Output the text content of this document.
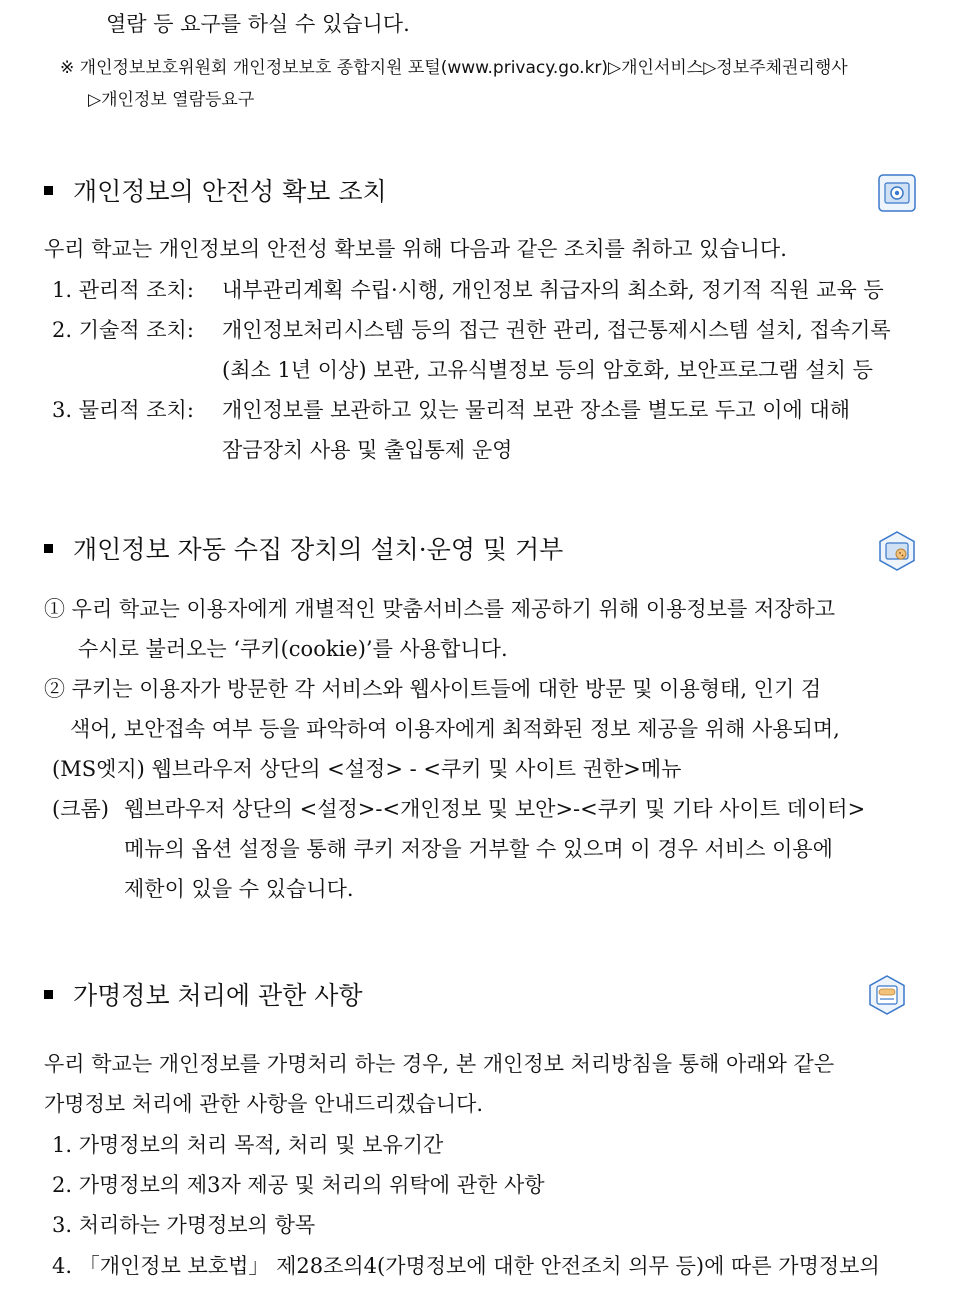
열람 등 요구를 하실 수 있습니다.
※ 개인정보보호위원회 개인정보보호 종합지원 포털(www.privacy.go.kr)▷개인서비스▷정보주체권리행사
▷개인정보 열람등요구
개인정보의 안전성 확보 조치
우리 학교는 개인정보의 안전성 확보를 위해 다음과 같은 조치를 취하고 있습니다.
1. 관리적 조치: 내부관리계획 수립·시행, 개인정보 취급자의 최소화, 정기적 직원 교육 등
2. 기술적 조치: 개인정보처리시스템 등의 접근 권한 관리, 접근통제시스템 설치, 접속기록
(최소 1년 이상) 보관, 고유식별정보 등의 암호화, 보안프로그램 설치 등
3. 물리적 조치: 개인정보를 보관하고 있는 물리적 보관 장소를 별도로 두고 이에 대해
잠금장치 사용 및 출입통제 운영
개인정보 자동 수집 장치의 설치·운영 및 거부
① 우리 학교는 이용자에게 개별적인 맞춤서비스를 제공하기 위해 이용정보를 저장하고
수시로 불러오는 ‘쿠키(cookie)’를 사용합니다.
② 쿠키는 이용자가 방문한 각 서비스와 웹사이트들에 대한 방문 및 이용형태, 인기 검
색어, 보안접속 여부 등을 파악하여 이용자에게 최적화된 정보 제공을 위해 사용되며,
(MS엣지) 웹브라우저 상단의 <설정> - <쿠키 및 사이트 권한>메뉴
(크롬) 웹브라우저 상단의 <설정>-<개인정보 및 보안>-<쿠키 및 기타 사이트 데이터>
메뉴의 옵션 설정을 통해 쿠키 저장을 거부할 수 있으며 이 경우 서비스 이용에
제한이 있을 수 있습니다.
가명정보 처리에 관한 사항
우리 학교는 개인정보를 가명처리 하는 경우, 본 개인정보 처리방침을 통해 아래와 같은
가명정보 처리에 관한 사항을 안내드리겠습니다.
1. 가명정보의 처리 목적, 처리 및 보유기간
2. 가명정보의 제3자 제공 및 처리의 위탁에 관한 사항
3. 처리하는 가명정보의 항목
4. 「개인정보 보호법」 제28조의4(가명정보에 대한 안전조치 의무 등)에 따른 가명정보의
